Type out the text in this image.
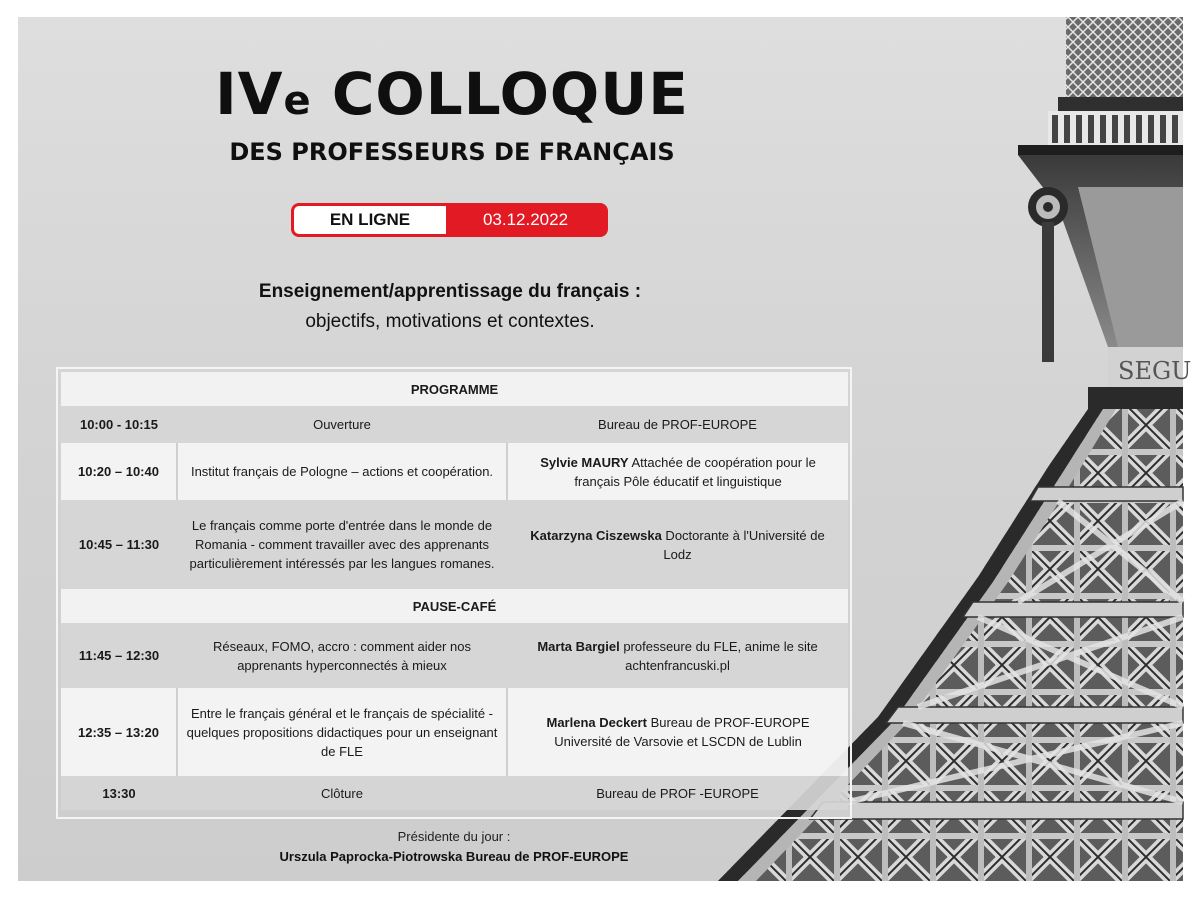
SEGU
IVe COLLOQUE
DES PROFESSEURS DE FRANÇAIS
EN LIGNE	03.12.2022
Enseignement/apprentissage du français :
objectifs, motivations et contextes.
PROGRAMME		
10:00 - 10:15	Ouverture	Bureau de PROF-EUROPE
10:20 – 10:40	Institut français de Pologne – actions et coopération.	Sylvie MAURY Attachée de coopération pour le français Pôle éducatif et linguistique
10:45 – 11:30	Le français comme porte d'entrée dans le monde de Romania - comment travailler avec des apprenants particulièrement intéressés par les langues romanes.	Katarzyna Ciszewska Doctorante à l'Université de Lodz
PAUSE-CAFÉ		
11:45 – 12:30	Réseaux, FOMO, accro : comment aider nos apprenants hyperconnectés à mieux	Marta Bargiel professeure du FLE, anime le site achtenfrancuski.pl
12:35 – 13:20	Entre le français général et le français de spécialité - quelques propositions didactiques pour un enseignant de FLE	Marlena Deckert Bureau de PROF-EUROPE Université de Varsovie et LSCDN de Lublin
13:30	Clôture	Bureau de PROF -EUROPE
Présidente du jour :
Urszula Paprocka-Piotrowska Bureau de PROF-EUROPE
